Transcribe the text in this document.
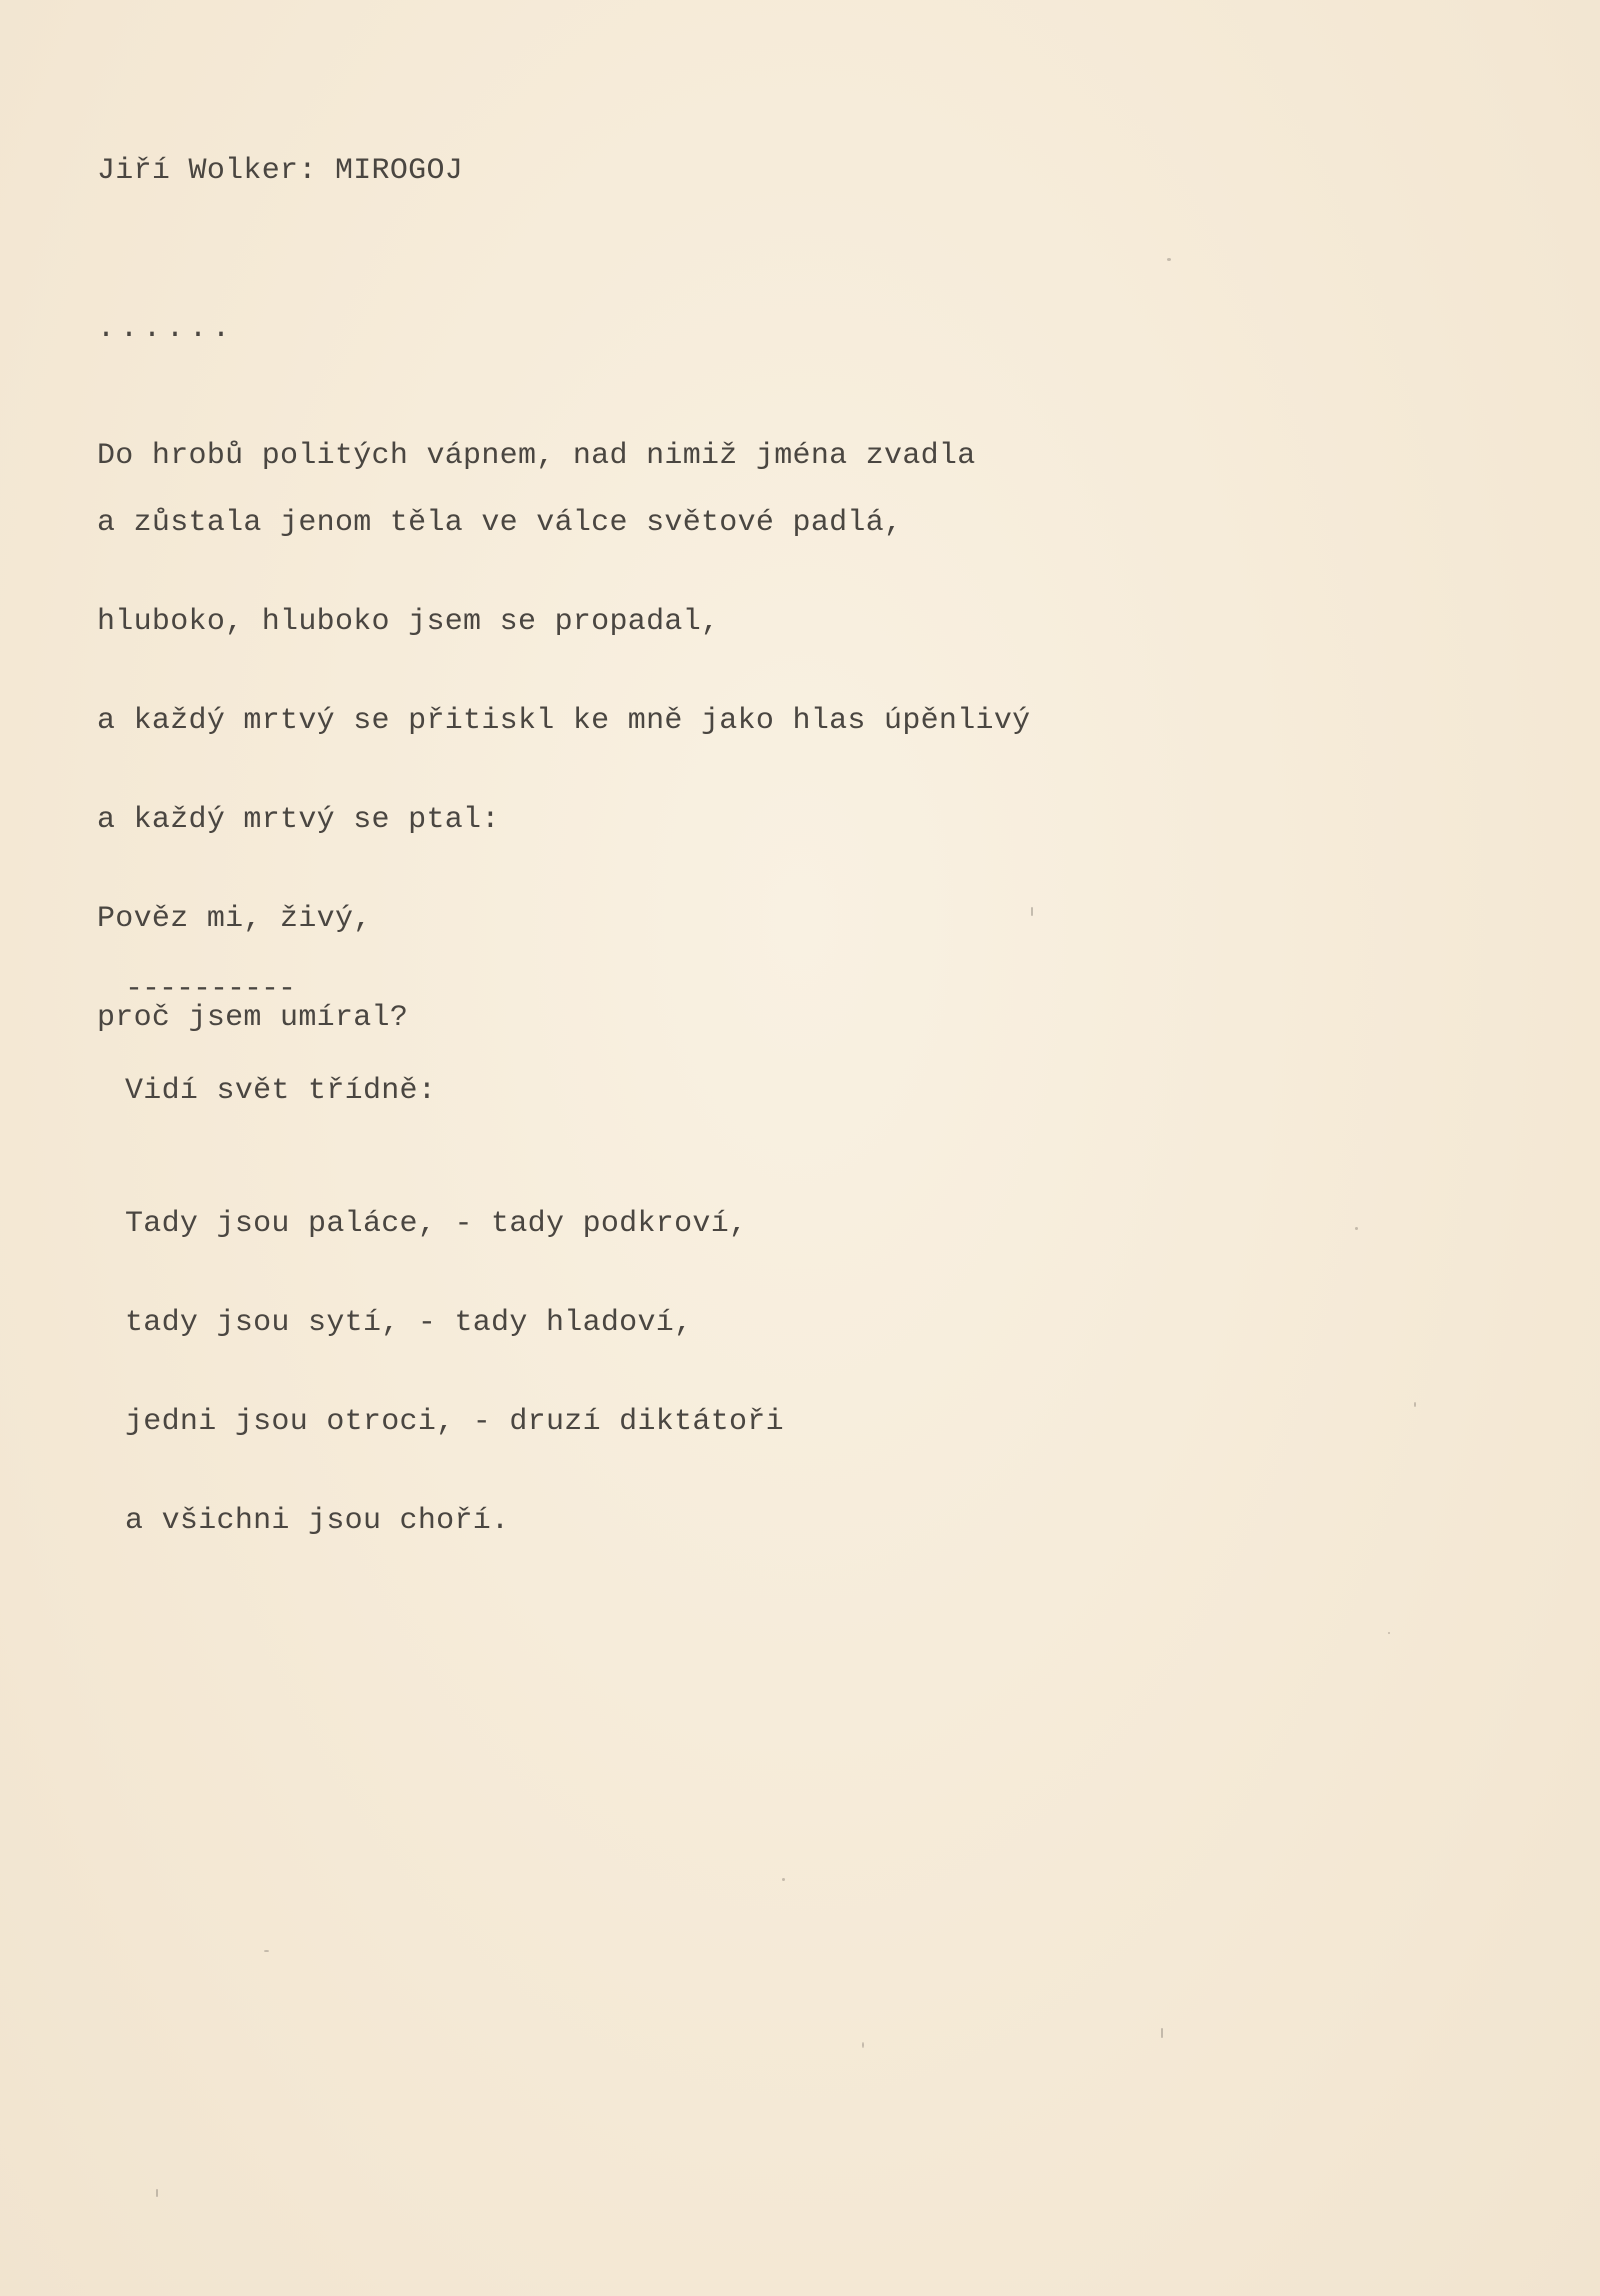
Jiří Wolker: MIROGOJ
......

Do hrobů politých vápnem, nad nimiž jména zvadla

a zůstala jenom těla ve válce světové padlá,

hluboko, hluboko jsem se propadal,

a každý mrtvý se přitiskl ke mně jako hlas úpěnlivý

a každý mrtvý se ptal:

Pověz mi, živý,

proč jsem umíral?

----------
Vidí svět třídně:

Tady jsou paláce, - tady podkroví,

tady jsou sytí, - tady hladoví,

jedni jsou otroci, - druzí diktátoři

a všichni jsou choří.
